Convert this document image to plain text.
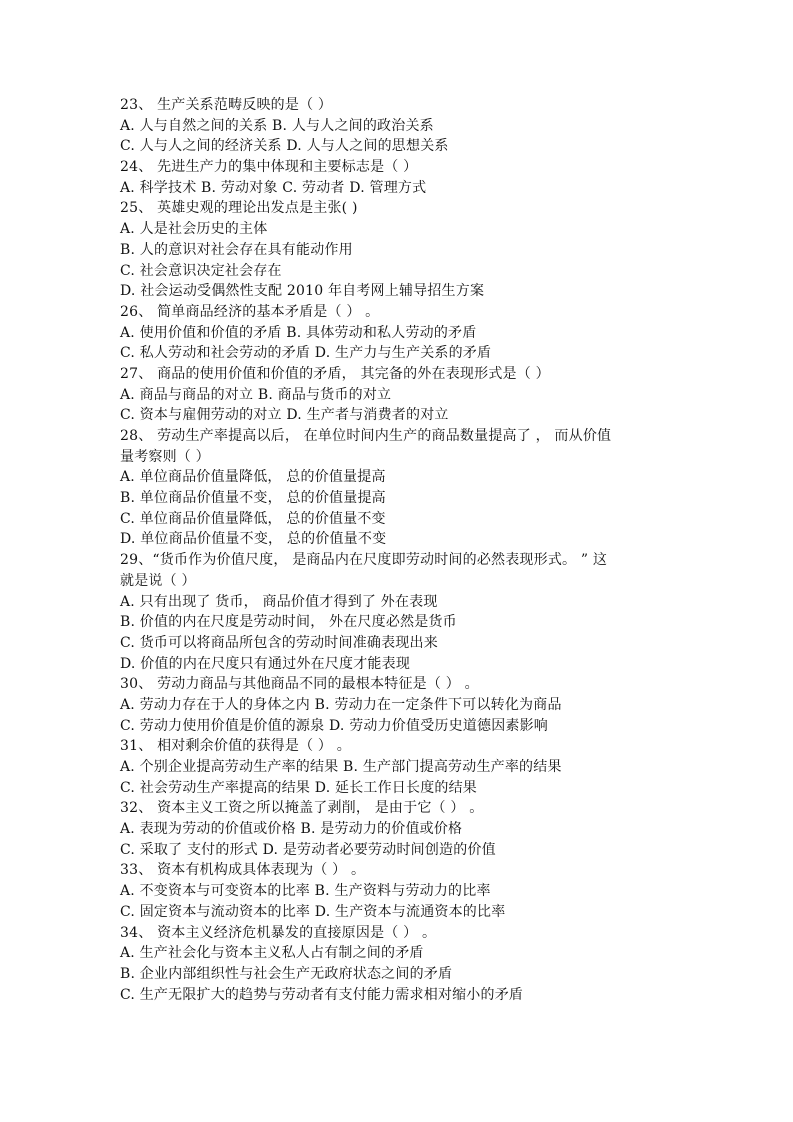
23、 生产关系范畴反映的是（ ）
A. 人与自然之间的关系 B. 人与人之间的政治关系
C. 人与人之间的经济关系 D. 人与人之间的思想关系
24、 先进生产力的集中体现和主要标志是（ ）
A. 科学技术 B. 劳动对象 C. 劳动者 D. 管理方式
25、 英雄史观的理论出发点是主张( )
A. 人是社会历史的主体
B. 人的意识对社会存在具有能动作用
C. 社会意识决定社会存在
D. 社会运动受偶然性支配 2010 年自考网上辅导招生方案
26、 简单商品经济的基本矛盾是（ ） 。
A. 使用价值和价值的矛盾 B. 具体劳动和私人劳动的矛盾
C. 私人劳动和社会劳动的矛盾 D. 生产力与生产关系的矛盾
27、 商品的使用价值和价值的矛盾， 其完备的外在表现形式是（ ）
A. 商品与商品的对立 B. 商品与货币的对立
C. 资本与雇佣劳动的对立 D. 生产者与消费者的对立
28、 劳动生产率提高以后， 在单位时间内生产的商品数量提高了 ， 而从价值
量考察则（ ）
A. 单位商品价值量降低， 总的价值量提高
B. 单位商品价值量不变， 总的价值量提高
C. 单位商品价值量降低， 总的价值量不变
D. 单位商品价值量不变， 总的价值量不变
29、“货币作为价值尺度， 是商品内在尺度即劳动时间的必然表现形式。 ” 这
就是说（ ）
A. 只有出现了 货币， 商品价值才得到了 外在表现
B. 价值的内在尺度是劳动时间， 外在尺度必然是货币
C. 货币可以将商品所包含的劳动时间准确表现出来
D. 价值的内在尺度只有通过外在尺度才能表现
30、 劳动力商品与其他商品不同的最根本特征是（ ） 。
A. 劳动力存在于人的身体之内 B. 劳动力在一定条件下可以转化为商品
C. 劳动力使用价值是价值的源泉 D. 劳动力价值受历史道德因素影响
31、 相对剩余价值的获得是（ ） 。
A. 个别企业提高劳动生产率的结果 B. 生产部门提高劳动生产率的结果
C. 社会劳动生产率提高的结果 D. 延长工作日长度的结果
32、 资本主义工资之所以掩盖了剥削， 是由于它（ ） 。
A. 表现为劳动的价值或价格 B. 是劳动力的价值或价格
C. 采取了 支付的形式 D. 是劳动者必要劳动时间创造的价值
33、 资本有机构成具体表现为（ ） 。
A. 不变资本与可变资本的比率 B. 生产资料与劳动力的比率
C. 固定资本与流动资本的比率 D. 生产资本与流通资本的比率
34、 资本主义经济危机暴发的直接原因是（ ） 。
A. 生产社会化与资本主义私人占有制之间的矛盾
B. 企业内部组织性与社会生产无政府状态之间的矛盾
C. 生产无限扩大的趋势与劳动者有支付能力需求相对缩小的矛盾
